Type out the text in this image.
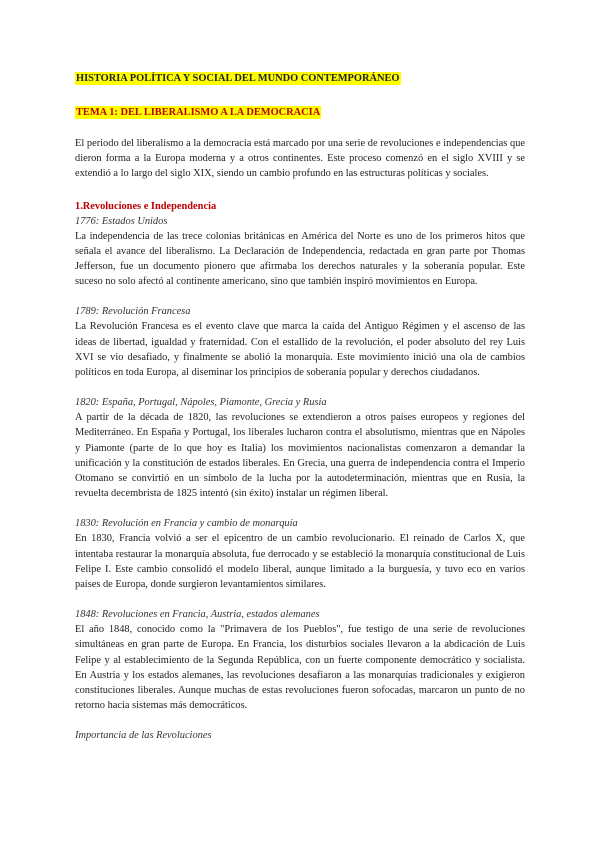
HISTORIA POLÍTICA Y SOCIAL DEL MUNDO CONTEMPORÁNEO
TEMA 1: DEL LIBERALISMO A LA DEMOCRACIA

El periodo del liberalismo a la democracia está marcado por una serie de revoluciones e independencias que dieron forma a la Europa moderna y a otros continentes. Este proceso comenzó en el siglo XVIII y se extendió a lo largo del siglo XIX, siendo un cambio profundo en las estructuras políticas y sociales.

1.Revoluciones e Independencia
1776: Estados Unidos

La independencia de las trece colonias británicas en América del Norte es uno de los primeros hitos que señala el avance del liberalismo. La Declaración de Independencia, redactada en gran parte por Thomas Jefferson, fue un documento pionero que afirmaba los derechos naturales y la soberanía popular. Este suceso no solo afectó al continente americano, sino que también inspiró movimientos en Europa.

1789: Revolución Francesa

La Revolución Francesa es el evento clave que marca la caída del Antiguo Régimen y el ascenso de las ideas de libertad, igualdad y fraternidad. Con el estallido de la revolución, el poder absoluto del rey Luis XVI se vio desafiado, y finalmente se abolió la monarquía. Este movimiento inició una ola de cambios políticos en toda Europa, al diseminar los principios de soberanía popular y derechos ciudadanos.

1820: España, Portugal, Nápoles, Piamonte, Grecia y Rusia

A partir de la década de 1820, las revoluciones se extendieron a otros países europeos y regiones del Mediterráneo. En España y Portugal, los liberales lucharon contra el absolutismo, mientras que en Nápoles y Piamonte (parte de lo que hoy es Italia) los movimientos nacionalistas comenzaron a demandar la unificación y la constitución de estados liberales. En Grecia, una guerra de independencia contra el Imperio Otomano se convirtió en un símbolo de la lucha por la autodeterminación, mientras que en Rusia, la revuelta decembrista de 1825 intentó (sin éxito) instalar un régimen liberal.

1830: Revolución en Francia y cambio de monarquía

En 1830, Francia volvió a ser el epicentro de un cambio revolucionario. El reinado de Carlos X, que intentaba restaurar la monarquía absoluta, fue derrocado y se estableció la monarquía constitucional de Luis Felipe I. Este cambio consolidó el modelo liberal, aunque limitado a la burguesía, y tuvo eco en varios países de Europa, donde surgieron levantamientos similares.

1848: Revoluciones en Francia, Austria, estados alemanes

El año 1848, conocido como la "Primavera de los Pueblos", fue testigo de una serie de revoluciones simultáneas en gran parte de Europa. En Francia, los disturbios sociales llevaron a la abdicación de Luis Felipe y al establecimiento de la Segunda República, con un fuerte componente democrático y socialista. En Austria y los estados alemanes, las revoluciones desafiaron a las monarquías tradicionales y exigieron constituciones liberales. Aunque muchas de estas revoluciones fueron sofocadas, marcaron un punto de no retorno hacia sistemas más democráticos.

Importancia de las Revoluciones
